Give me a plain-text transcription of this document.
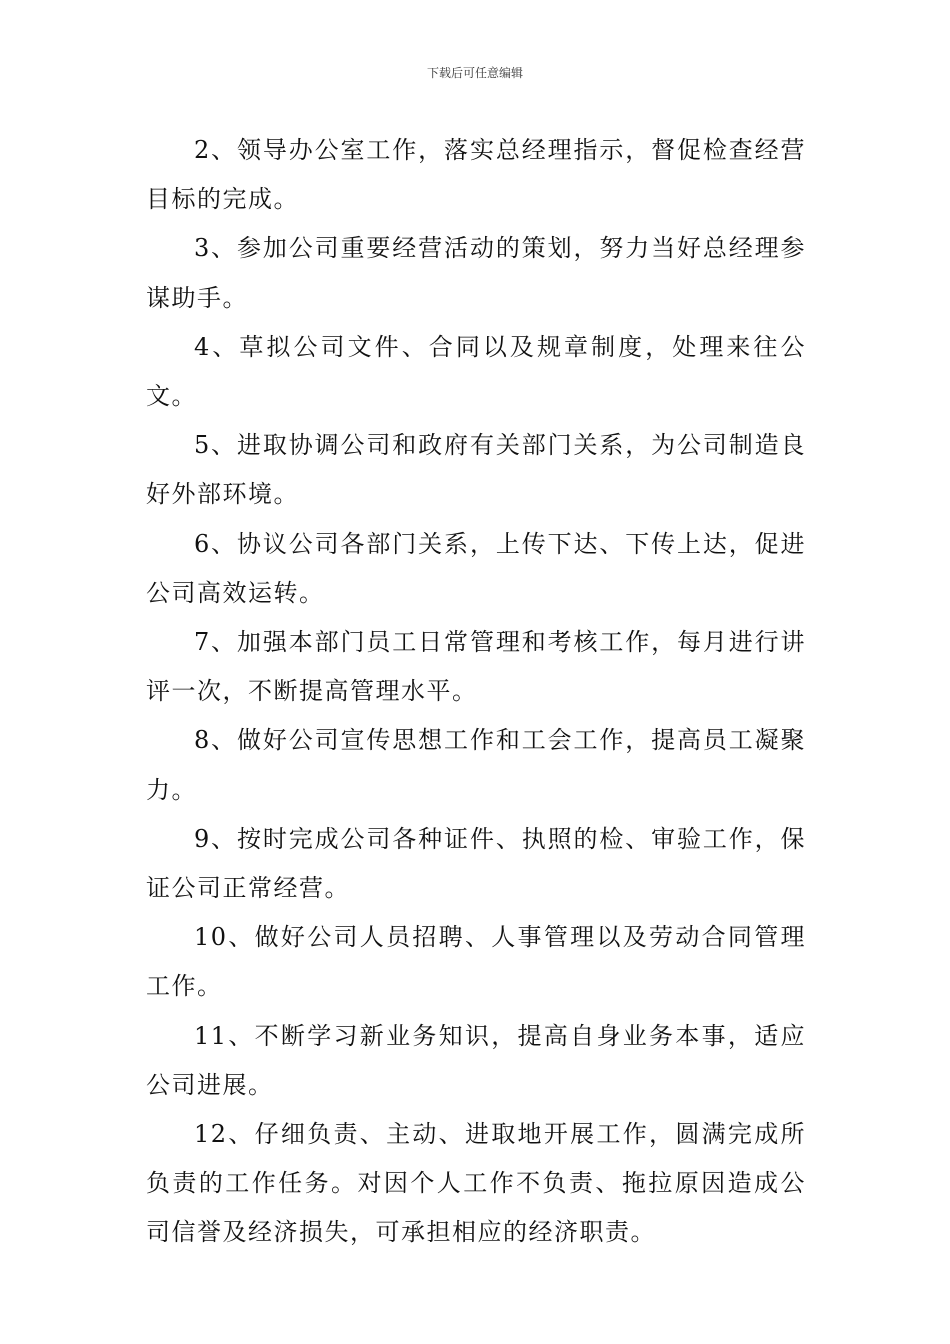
下载后可任意编辑

2、领导办公室工作，落实总经理指示，督促检查经营目标的完成。

3、参加公司重要经营活动的策划，努力当好总经理参谋助手。

4、草拟公司文件、合同以及规章制度，处理来往公文。

5、进取协调公司和政府有关部门关系，为公司制造良好外部环境。

6、协议公司各部门关系，上传下达、下传上达，促进公司高效运转。

7、加强本部门员工日常管理和考核工作，每月进行讲评一次，不断提高管理水平。

8、做好公司宣传思想工作和工会工作，提高员工凝聚力。

9、按时完成公司各种证件、执照的检、审验工作，保证公司正常经营。

10、做好公司人员招聘、人事管理以及劳动合同管理工作。

11、不断学习新业务知识，提高自身业务本事，适应公司进展。

12、仔细负责、主动、进取地开展工作，圆满完成所负责的工作任务。对因个人工作不负责、拖拉原因造成公司信誉及经济损失，可承担相应的经济职责。
